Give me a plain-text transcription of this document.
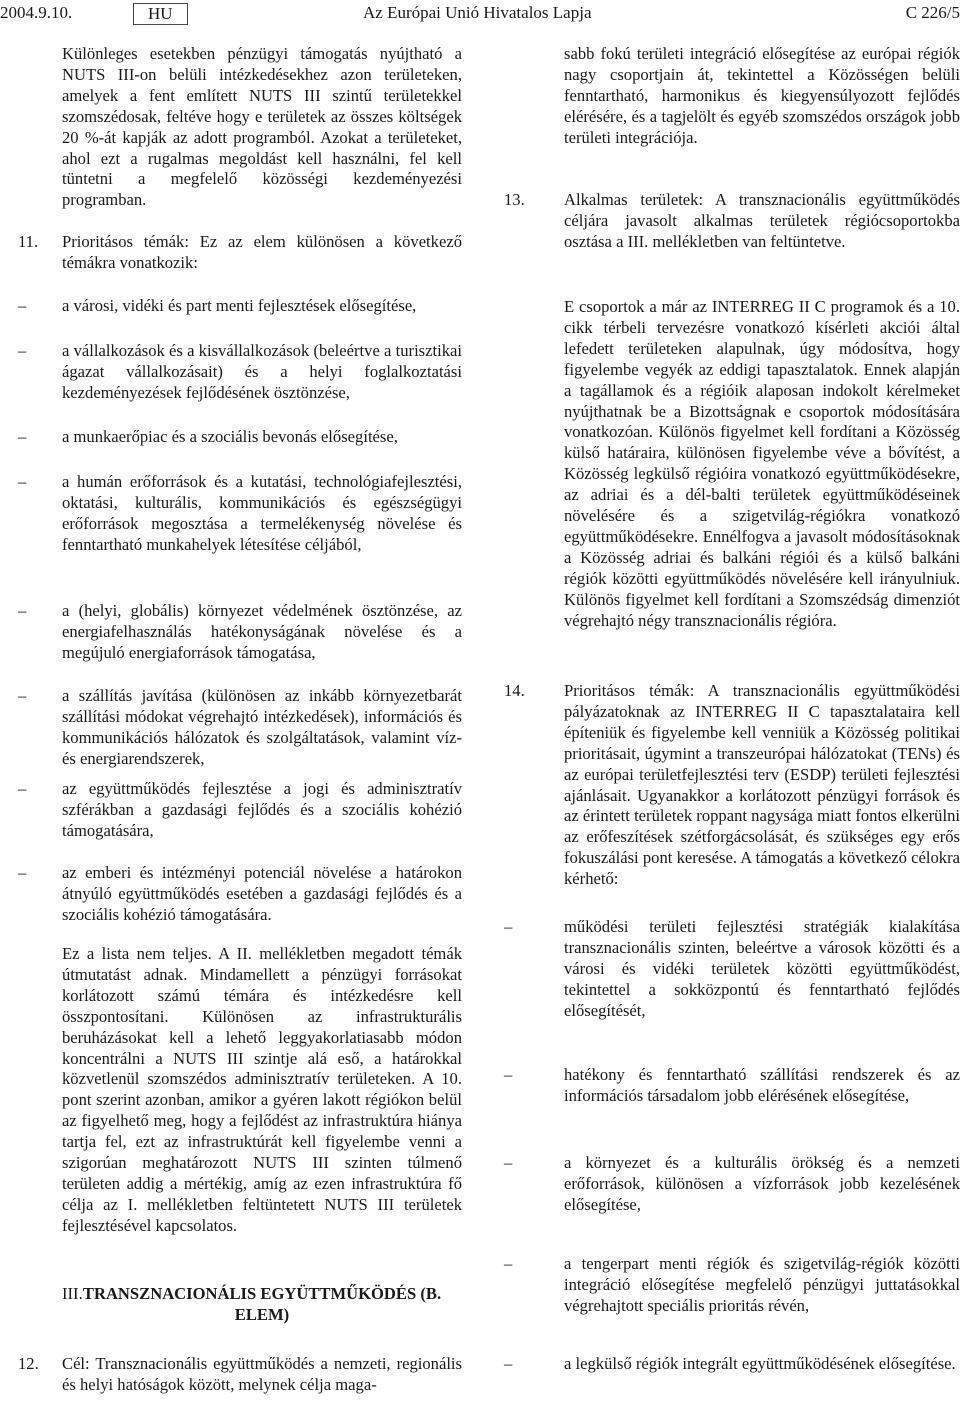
2004.9.10.	HU	Az Európai Unió Hivatalos Lapja	C 226/5

Különleges esetekben pénzügyi támogatás nyújtható a NUTS III-on belüli intézkedésekhez azon területeken, amelyek a fent említett NUTS III szintű területekkel szomszédosak, feltéve hogy e területek az összes költségek 20 %-át kapják az adott programból. Azokat a területeket, ahol ezt a rugalmas megoldást kell használni, fel kell tüntetni a megfelelő közösségi kezdeményezési programban.

11. Prioritásos témák: Ez az elem különösen a következő témákra vonatkozik:

– a városi, vidéki és part menti fejlesztések elősegítése,

– a vállalkozások és a kisvállalkozások (beleértve a turisztikai ágazat vállalkozásait) és a helyi foglalkoztatási kezdeményezések fejlődésének ösztönzése,

– a munkaerőpiac és a szociális bevonás elősegítése,

– a humán erőforrások és a kutatási, technológiafejlesztési, oktatási, kulturális, kommunikációs és egészségügyi erőforrások megosztása a termelékenység növelése és fenntartható munkahelyek létesítése céljából,

– a (helyi, globális) környezet védelmének ösztönzése, az energiafelhasználás hatékonyságának növelése és a megújuló energiaforrások támogatása,

– a szállítás javítása (különösen az inkább környezetbarát szállítási módokat végrehajtó intézkedések), információs és kommunikációs hálózatok és szolgáltatások, valamint víz- és energiarendszerek,

– az együttműködés fejlesztése a jogi és adminisztratív szférákban a gazdasági fejlődés és a szociális kohézió támogatására,

– az emberi és intézményi potenciál növelése a határokon átnyúló együttműködés esetében a gazdasági fejlődés és a szociális kohézió támogatására.

Ez a lista nem teljes. A II. mellékletben megadott témák útmutatást adnak. Mindamellett a pénzügyi forrásokat korlátozott számú témára és intézkedésre kell összpontosítani. Különösen az infrastrukturális beruházásokat kell a lehető leggyakorlatiasabb módon koncentrálni a NUTS III szintje alá eső, a határokkal közvetlenül szomszédos adminisztratív területeken. A 10. pont szerint azonban, amikor a gyéren lakott régiókon belül az figyelhető meg, hogy a fejlődést az infrastruktúra hiánya tartja fel, ezt az infrastruktúrát kell figyelembe venni a szigorúan meghatározott NUTS III szinten túlmenő területen addig a mértékig, amíg az ezen infrastruktúra fő célja az I. mellékletben feltüntetett NUTS III területek fejlesztésével kapcsolatos.

III. TRANSZNACIONÁLIS EGYÜTTMŰKÖDÉS (B. ELEM)
12. Cél: Transznacionális együttműködés a nemzeti, regionális és helyi hatóságok között, melynek célja maga-

sabb fokú területi integráció elősegítése az európai régiók nagy csoportjain át, tekintettel a Közösségen belüli fenntartható, harmonikus és kiegyensúlyozott fejlődés elérésére, és a tagjelölt és egyéb szomszédos országok jobb területi integrációja.

13. Alkalmas területek: A transznacionális együttműködés céljára javasolt alkalmas területek régiócsoportokba osztása a III. mellékletben van feltüntetve.

E csoportok a már az INTERREG II C programok és a 10. cikk térbeli tervezésre vonatkozó kísérleti akciói által lefedett területeken alapulnak, úgy módosítva, hogy figyelembe vegyék az eddigi tapasztalatok. Ennek alapján a tagállamok és a régióik alaposan indokolt kérelmeket nyújthatnak be a Bizottságnak e csoportok módosítására vonatkozóan. Különös figyelmet kell fordítani a Közösség külső határaira, különösen figyelembe véve a bővítést, a Közösség legkülső régióira vonatkozó együttműködésekre, az adriai és a dél-balti területek együttműködéseinek növelésére és a szigetvilág-régiókra vonatkozó együttműködésekre. Ennélfogva a javasolt módosításoknak a Közösség adriai és balkáni régiói és a külső balkáni régiók közötti együttműködés növelésére kell irányulniuk. Különös figyelmet kell fordítani a Szomszédság dimenziót végrehajtó négy transznacionális régióra.

14. Prioritásos témák: A transznacionális együttműködési pályázatoknak az INTERREG II C tapasztalataira kell építeniük és figyelembe kell venniük a Közösség politikai prioritásait, úgymint a transzeurópai hálózatokat (TENs) és az európai területfejlesztési terv (ESDP) területi fejlesztési ajánlásait. Ugyanakkor a korlátozott pénzügyi források és az érintett területek roppant nagysága miatt fontos elkerülni az erőfeszítések szétforgácsolását, és szükséges egy erős fokuszálási pont keresése. A támogatás a következő célokra kérhető:

–	működési területi fejlesztési stratégiák kialakítása transznacionális szinten, beleértve a városok közötti és a városi és vidéki területek közötti együttműködést, tekintettel a sokközpontú és fenntartható fejlődés elősegítését,

–	hatékony és fenntartható szállítási rendszerek és az információs társadalom jobb elérésének elősegítése,

–	a környezet és a kulturális örökség és a nemzeti erőforrások, különösen a vízforrások jobb kezelésének elősegítése,

–	a tengerpart menti régiók és szigetvilág-régiók közötti integráció elősegítése megfelelő pénzügyi juttatásokkal végrehajtott speciális prioritás révén,

–	a legkülső régiók integrált együttműködésének elősegítése.
